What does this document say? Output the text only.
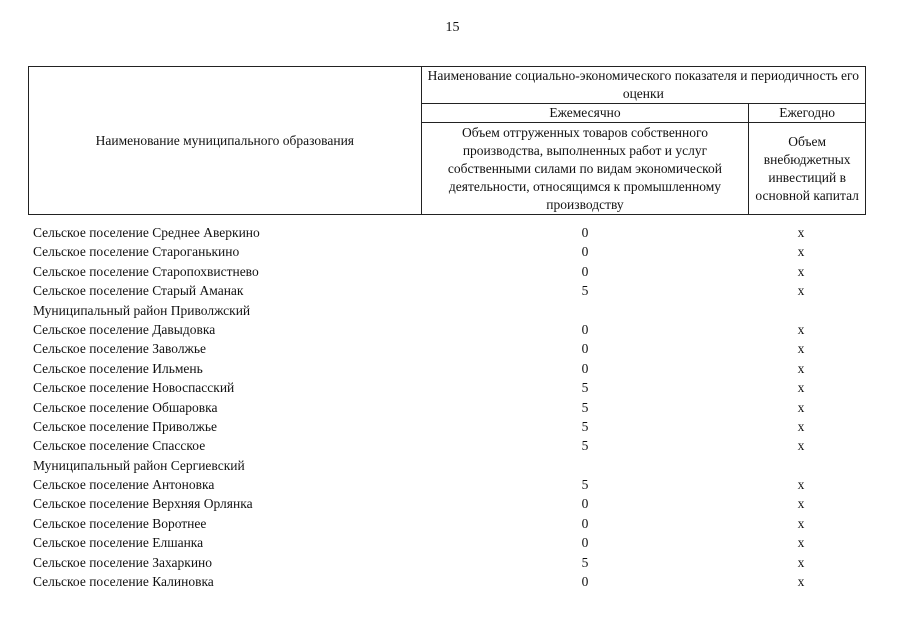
15
Наименование муниципального образования	Наименование социально-экономического показателя и периодичность его оценки	
	Ежемесячно	Ежегодно
	Объем отгруженных товаров собственного производства, выполненных работ и услуг собственными силами по видам экономической деятельности, относящимся к промышленному производству	Объем внебюджетных инвестиций в основной капитал
Сельское поселение Среднее Аверкино	0	x
Сельское поселение Староганькино	0	x
Сельское поселение Старопохвистнево	0	x
Сельское поселение Старый Аманак	5	x
Муниципальный район Приволжский
Сельское поселение Давыдовка	0	x
Сельское поселение Заволжье	0	x
Сельское поселение Ильмень	0	x
Сельское поселение Новоспасский	5	x
Сельское поселение Обшаровка	5	x
Сельское поселение Приволжье	5	x
Сельское поселение Спасское	5	x
Муниципальный район Сергиевский
Сельское поселение Антоновка	5	x
Сельское поселение Верхняя Орлянка	0	x
Сельское поселение Воротнее	0	x
Сельское поселение Елшанка	0	x
Сельское поселение Захаркино	5	x
Сельское поселение Калиновка	0	x
